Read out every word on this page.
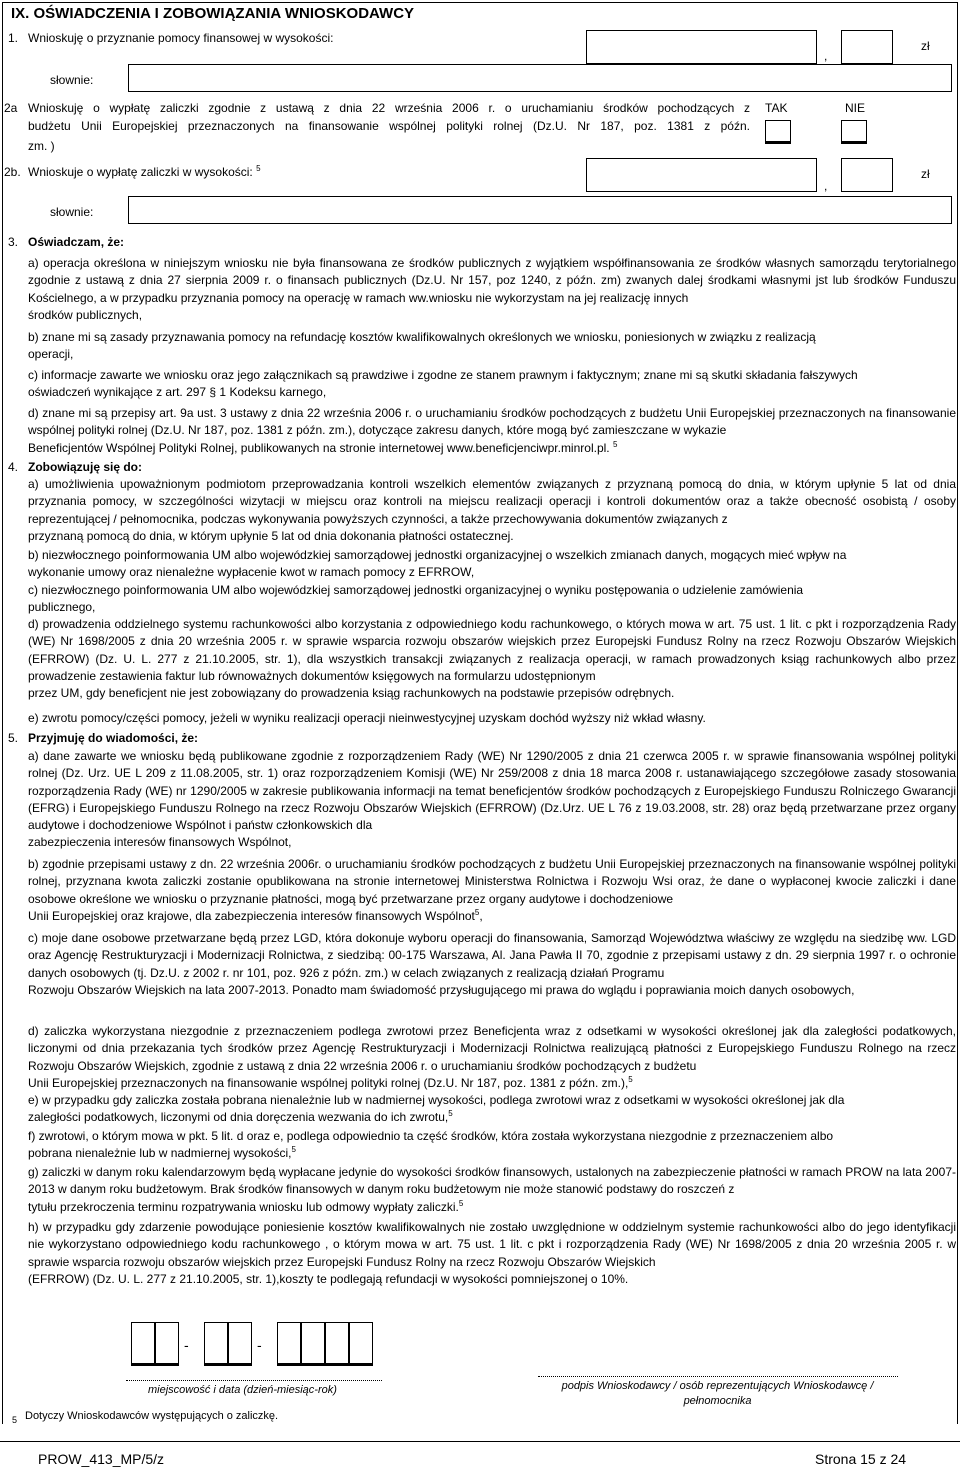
IX. OŚWIADCZENIA I ZOBOWIĄZANIA WNIOSKODAWCY
1. Wnioskuję o przyznanie pomocy finansowej w wysokości:
,
zł
słownie:
2a Wnioskuję o wypłatę zaliczki zgodnie z ustawą z dnia 22 września 2006 r. o uruchamianiu środków pochodzących z
budżetu Unii Europejskiej przeznaczonych na finansowanie wspólnej polityki rolnej (Dz.U. Nr 187, poz. 1381 z późn.
zm. )
TAK	NIE
2b. Wnioskuje o wypłatę zaliczki w wysokości: $^5$
,
zł
słownie:
3. Oświadczam, że:
a) operacja określona w niniejszym wniosku nie była finansowana ze środków publicznych z wyjątkiem współfinansowania ze środków własnych samorządu terytorialnego zgodnie z ustawą z dnia 27 sierpnia 2009 r. o finansach publicznych (Dz.U. Nr 157, poz 1240, z późn. zm) zwanych dalej środkami własnymi jst lub środków Funduszu Kościelnego, a w przypadku przyznania pomocy na operację w ramach ww.wniosku nie wykorzystam na jej realizację innych
środków publicznych,
b) znane mi są zasady przyznawania pomocy na refundację kosztów kwalifikowalnych określonych we wniosku, poniesionych w związku z realizacją
operacji,
c) informacje zawarte we wniosku oraz jego załącznikach są prawdziwe i zgodne ze stanem prawnym i faktycznym; znane mi są skutki składania fałszywych
oświadczeń wynikające z art. 297 § 1 Kodeksu karnego,
d) znane mi są przepisy art. 9a ust. 3 ustawy z dnia 22 września 2006 r. o uruchamianiu środków pochodzących z budżetu Unii Europejskiej przeznaczonych na finansowanie wspólnej polityki rolnej (Dz.U. Nr 187, poz. 1381 z późn. zm.), dotyczące zakresu danych, które mogą być zamieszczane w wykazie
Beneficjentów Wspólnej Polityki Rolnej, publikowanych na stronie internetowej www.beneficjenciwpr.minrol.pl. $^5$
4. Zobowiązuję się do:
a) umożliwienia upoważnionym podmiotom przeprowadzania kontroli wszelkich elementów związanych z przyznaną pomocą do dnia, w którym upłynie 5 lat od dnia przyznania pomocy, w szczególności wizytacji w miejscu oraz kontroli na miejscu realizacji operacji i kontroli dokumentów oraz a także obecność osobistą / osoby reprezentującej / pełnomocnika, podczas wykonywania powyższych czynności, a także przechowywania dokumentów związanych z
przyznaną pomocą do dnia, w którym upłynie 5 lat od dnia dokonania płatności ostatecznej.
b) niezwłocznego poinformowania UM albo wojewódzkiej samorządowej jednostki organizacyjnej o wszelkich zmianach danych, mogących mieć wpływ na
wykonanie umowy oraz nienależne wypłacenie kwot w ramach pomocy z EFRROW,
c) niezwłocznego poinformowania UM albo wojewódzkiej samorządowej jednostki organizacyjnej o wyniku postępowania o udzielenie zamówienia
publicznego,
d) prowadzenia oddzielnego systemu rachunkowości albo korzystania z odpowiedniego kodu rachunkowego, o których mowa w art. 75 ust. 1 lit. c pkt i rozporządzenia Rady (WE) Nr 1698/2005 z dnia 20 września 2005 r. w sprawie wsparcia rozwoju obszarów wiejskich przez Europejski Fundusz Rolny na rzecz Rozwoju Obszarów Wiejskich (EFRROW) (Dz. U. L. 277 z 21.10.2005, str. 1), dla wszystkich transakcji związanych z realizacja operacji, w ramach prowadzonych ksiąg rachunkowych albo przez prowadzenie zestawienia faktur lub równoważnych dokumentów księgowych na formularzu udostępnionym
przez UM, gdy beneficjent nie jest zobowiązany do prowadzenia ksiąg rachunkowych na podstawie przepisów odrębnych.
e) zwrotu pomocy/części pomocy, jeżeli w wyniku realizacji operacji nieinwestycyjnej uzyskam dochód wyższy niż wkład własny.
5. Przyjmuję do wiadomości, że:
a) dane zawarte we wniosku będą publikowane zgodnie z rozporządzeniem Rady (WE) Nr 1290/2005 z dnia 21 czerwca 2005 r. w sprawie finansowania wspólnej polityki rolnej (Dz. Urz. UE L 209 z 11.08.2005, str. 1) oraz rozporządzeniem Komisji (WE) Nr 259/2008 z dnia 18 marca 2008 r. ustanawiającego szczegółowe zasady stosowania rozporządzenia Rady (WE) nr 1290/2005 w zakresie publikowania informacji na temat beneficjentów środków pochodzących z Europejskiego Funduszu Rolniczego Gwarancji (EFRG) i Europejskiego Funduszu Rolnego na rzecz Rozwoju Obszarów Wiejskich (EFRROW) (Dz.Urz. UE L 76 z 19.03.2008, str. 28) oraz będą przetwarzane przez organy audytowe i dochodzeniowe Wspólnot i państw członkowskich dla
zabezpieczenia interesów finansowych Wspólnot,
b) zgodnie przepisami ustawy z dn. 22 września 2006r. o uruchamianiu środków pochodzących z budżetu Unii Europejskiej przeznaczonych na finansowanie wspólnej polityki rolnej, przyznana kwota zaliczki zostanie opublikowana na stronie internetowej Ministerstwa Rolnictwa i Rozwoju Wsi oraz, że dane o wypłaconej kwocie zaliczki i dane osobowe określone we wniosku o przyznanie płatności, mogą być przetwarzane przez organy audytowe i dochodzeniowe
Unii Europejskiej oraz krajowe, dla zabezpieczenia interesów finansowych Wspólnot$^5$,
c) moje dane osobowe przetwarzane będą przez LGD, która dokonuje wyboru operacji do finansowania, Samorząd Województwa właściwy ze względu na siedzibę ww. LGD oraz Agencję Restrukturyzacji i Modernizacji Rolnictwa, z siedzibą: 00-175 Warszawa, Al. Jana Pawła II 70, zgodnie z przepisami ustawy z dn. 29 sierpnia 1997 r. o ochronie danych osobowych (tj. Dz.U. z 2002 r. nr 101, poz. 926 z późn. zm.) w celach związanych z realizacją działań Programu
Rozwoju Obszarów Wiejskich na lata 2007-2013. Ponadto mam świadomość przysługującego mi prawa do wglądu i poprawiania moich danych osobowych,
d) zaliczka wykorzystana niezgodnie z przeznaczeniem podlega zwrotowi przez Beneficjenta wraz z odsetkami w wysokości określonej jak dla zaległości podatkowych, liczonymi od dnia przekazania tych środków przez Agencję Restrukturyzacji i Modernizacji Rolnictwa realizującą płatności z Europejskiego Funduszu Rolnego na rzecz Rozwoju Obszarów Wiejskich, zgodnie z ustawą z dnia 22 września 2006 r. o uruchamianiu środków pochodzących z budżetu
Unii Europejskiej przeznaczonych na finansowanie wspólnej polityki rolnej (Dz.U. Nr 187, poz. 1381 z późn. zm.),$^5$
e) w przypadku gdy zaliczka została pobrana nienależnie lub w nadmiernej wysokości, podlega zwrotowi wraz z odsetkami w wysokości określonej jak dla
zaległości podatkowych, liczonymi od dnia doręczenia wezwania do ich zwrotu,$^5$
f) zwrotowi, o którym mowa w pkt. 5 lit. d oraz e, podlega odpowiednio ta część środków, która została wykorzystana niezgodnie z przeznaczeniem albo
pobrana nienależnie lub w nadmiernej wysokości,$^5$
g) zaliczki w danym roku kalendarzowym będą wypłacane jedynie do wysokości środków finansowych, ustalonych na zabezpieczenie płatności w ramach PROW na lata 2007-2013 w danym roku budżetowym. Brak środków finansowych w danym roku budżetowym nie może stanowić podstawy do roszczeń z
tytułu przekroczenia terminu rozpatrywania wniosku lub odmowy wypłaty zaliczki.$^5$
h) w przypadku gdy zdarzenie powodujące poniesienie kosztów kwalifikowalnych nie zostało uwzględnione w oddzielnym systemie rachunkowości albo do jego identyfikacji nie wykorzystano odpowiedniego kodu rachunkowego , o którym mowa w art. 75 ust. 1 lit. c pkt i rozporządzenia Rady (WE) Nr 1698/2005 z dnia 20 września 2005 r. w sprawie wsparcia rozwoju obszarów wiejskich przez Europejski Fundusz Rolny na rzecz Rozwoju Obszarów Wiejskich
(EFRROW) (Dz. U. L. 277 z 21.10.2005, str. 1),koszty te podlegają refundacji w wysokości pomniejszonej o 10%.
-	-
miejscowość i data (dzień-miesiąc-rok)	podpis Wnioskodawcy / osób reprezentujących Wnioskodawcę / pełnomocnika
5 Dotyczy Wnioskodawców występujących o zaliczkę.
PROW_413_MP/5/z	Strona 15 z 24
